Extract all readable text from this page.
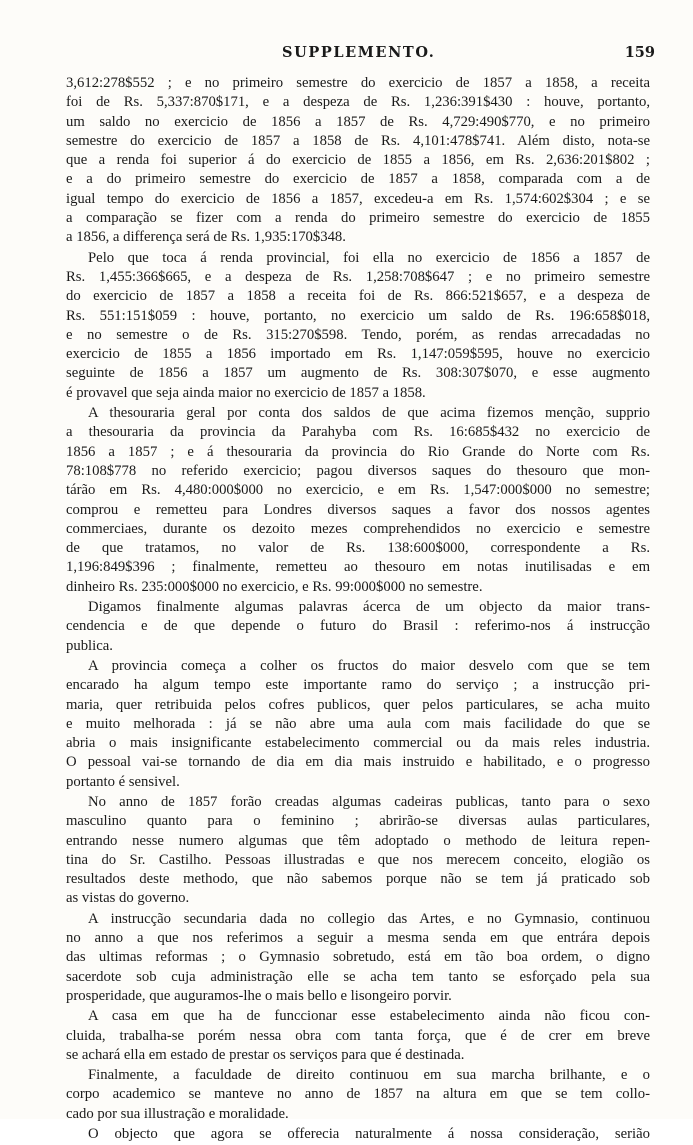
SUPPLEMENTO.	159

3,612:278$552 ; e no primeiro semestre do exercicio de 1857 a 1858, a receita
foi de Rs. 5,337:870$171, e a despeza de Rs. 1,236:391$430 : houve, portanto,
um saldo no exercicio de 1856 a 1857 de Rs. 4,729:490$770, e no primeiro
semestre do exercicio de 1857 a 1858 de Rs. 4,101:478$741. Além disto, nota-se
que a renda foi superior á do exercicio de 1855 a 1856, em Rs. 2,636:201$802 ;
e a do primeiro semestre do exercicio de 1857 a 1858, comparada com a de
igual tempo do exercicio de 1856 a 1857, excedeu-a em Rs. 1,574:602$304 ; e se
a comparação se fizer com a renda do primeiro semestre do exercicio de 1855
a 1856, a differença será de Rs. 1,935:170$348.

Pelo que toca á renda provincial, foi ella no exercicio de 1856 a 1857 de
Rs. 1,455:366$665, e a despeza de Rs. 1,258:708$647 ; e no primeiro semestre
do exercicio de 1857 a 1858 a receita foi de Rs. 866:521$657, e a despeza de
Rs. 551:151$059 : houve, portanto, no exercicio um saldo de Rs. 196:658$018,
e no semestre o de Rs. 315:270$598. Tendo, porém, as rendas arrecadadas no
exercicio de 1855 a 1856 importado em Rs. 1,147:059$595, houve no exercicio
seguinte de 1856 a 1857 um augmento de Rs. 308:307$070, e esse augmento
é provavel que seja ainda maior no exercicio de 1857 a 1858.

A thesouraria geral por conta dos saldos de que acima fizemos menção, supprio
a thesouraria da provincia da Parahyba com Rs. 16:685$432 no exercicio de
1856 a 1857 ; e á thesouraria da provincia do Rio Grande do Norte com Rs.
78:108$778 no referido exercicio; pagou diversos saques do thesouro que mon-
tárão em Rs. 4,480:000$000 no exercicio, e em Rs. 1,547:000$000 no semestre;
comprou e remetteu para Londres diversos saques a favor dos nossos agentes
commerciaes, durante os dezoito mezes comprehendidos no exercicio e semestre
de que tratamos, no valor de Rs. 138:600$000, correspondente a Rs.
1,196:849$396 ; finalmente, remetteu ao thesouro em notas inutilisadas e em
dinheiro Rs. 235:000$000 no exercicio, e Rs. 99:000$000 no semestre.

Digamos finalmente algumas palavras ácerca de um objecto da maior trans-
cendencia e de que depende o futuro do Brasil : referimo-nos á instrucção
publica.

A provincia começa a colher os fructos do maior desvelo com que se tem
encarado ha algum tempo este importante ramo do serviço ; a instrucção pri-
maria, quer retribuida pelos cofres publicos, quer pelos particulares, se acha muito
e muito melhorada : já se não abre uma aula com mais facilidade do que se
abria o mais insignificante estabelecimento commercial ou da mais reles industria.
O pessoal vai-se tornando de dia em dia mais instruido e habilitado, e o progresso
portanto é sensivel.

No anno de 1857 forão creadas algumas cadeiras publicas, tanto para o sexo
masculino quanto para o feminino ; abrirão-se diversas aulas particulares,
entrando nesse numero algumas que têm adoptado o methodo de leitura repen-
tina do Sr. Castilho. Pessoas illustradas e que nos merecem conceito, elogião os
resultados deste methodo, que não sabemos porque não se tem já praticado sob
as vistas do governo.

A instrucção secundaria dada no collegio das Artes, e no Gymnasio, continuou
no anno a que nos referimos a seguir a mesma senda em que entrára depois
das ultimas reformas ; o Gymnasio sobretudo, está em tão boa ordem, o digno
sacerdote sob cuja administração elle se acha tem tanto se esforçado pela sua
prosperidade, que auguramos-lhe o mais bello e lisongeiro porvir.

A casa em que ha de funccionar esse estabelecimento ainda não ficou con-
cluida, trabalha-se porém nessa obra com tanta força, que é de crer em breve
se achará ella em estado de prestar os serviços para que é destinada.

Finalmente, a faculdade de direito continuou em sua marcha brilhante, e o
corpo academico se manteve no anno de 1857 na altura em que se tem collo-
cado por sua illustração e moralidade.

O objecto que agora se offerecia naturalmente á nossa consideração, serião
